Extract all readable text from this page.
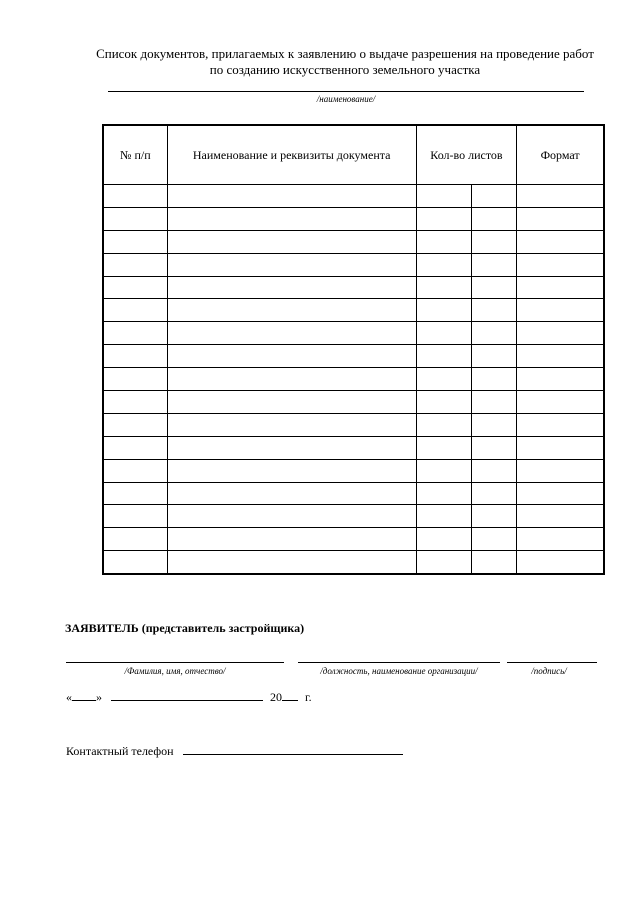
Список документов, прилагаемых к заявлению о выдаче разрешения на проведение работ
по созданию искусственного земельного участка
/наименование/
№ п/п	Наименование и реквизиты документа	Кол-во листов		Формат

ЗАЯВИТЕЛЬ (представитель застройщика)
/Фамилия, имя, отчество/	/должность, наименование организации/	/подпись/
« »	20 г.
Контактный телефон
